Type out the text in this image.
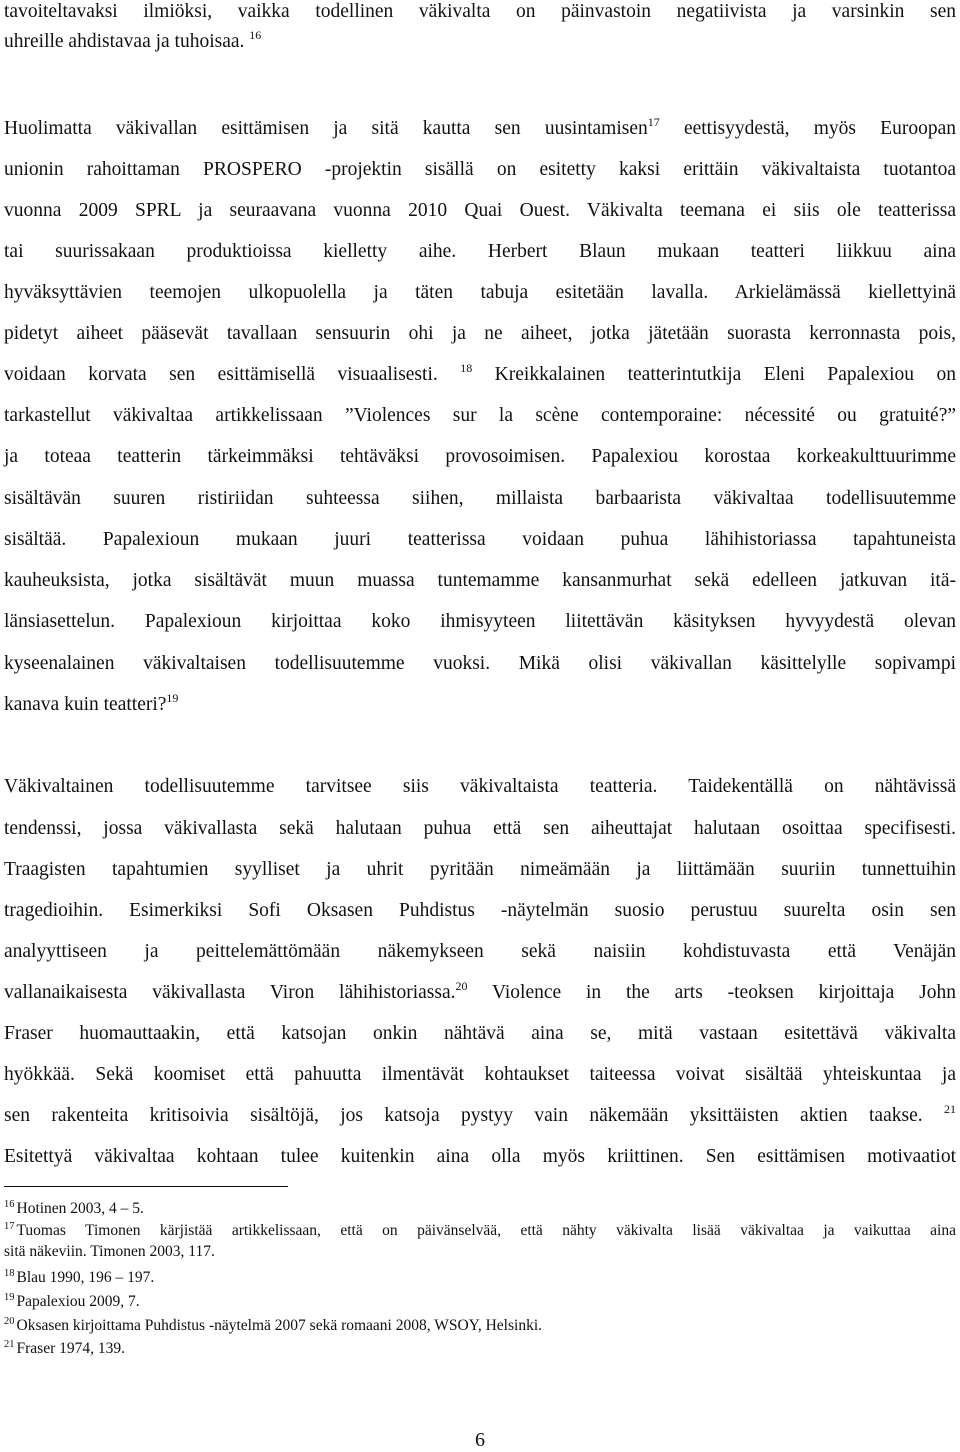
tavoiteltavaksi ilmiöksi, vaikka todellinen väkivalta on päinvastoin negatiivista ja varsinkin sen
uhreille ahdistavaa ja tuhoisaa. $^{16}$
Huolimatta väkivallan esittämisen ja sitä kautta sen uusintamisen$^{17}$ eettisyydestä, myös Euroopan
unionin rahoittaman PROSPERO -projektin sisällä on esitetty kaksi erittäin väkivaltaista tuotantoa
vuonna 2009 SPRL ja seuraavana vuonna 2010 Quai Ouest. Väkivalta teemana ei siis ole teatterissa
tai suurissakaan produktioissa kielletty aihe. Herbert Blaun mukaan teatteri liikkuu aina
hyväksyttävien teemojen ulkopuolella ja täten tabuja esitetään lavalla. Arkielämässä kiellettyinä
pidetyt aiheet pääsevät tavallaan sensuurin ohi ja ne aiheet, jotka jätetään suorasta kerronnasta pois,
voidaan korvata sen esittämisellä visuaalisesti. $^{18}$ Kreikkalainen teatterintutkija Eleni Papalexiou on
tarkastellut väkivaltaa artikkelissaan ”Violences sur la scène contemporaine: nécessité ou gratuité?”
ja toteaa teatterin tärkeimmäksi tehtäväksi provosoimisen. Papalexiou korostaa korkeakulttuurimme
sisältävän suuren ristiriidan suhteessa siihen, millaista barbaarista väkivaltaa todellisuutemme
sisältää. Papalexioun mukaan juuri teatterissa voidaan puhua lähihistoriassa tapahtuneista
kauheuksista, jotka sisältävät muun muassa tuntemamme kansanmurhat sekä edelleen jatkuvan itä-
länsiasettelun. Papalexioun kirjoittaa koko ihmisyyteen liitettävän käsityksen hyvyydestä olevan
kyseenalainen väkivaltaisen todellisuutemme vuoksi. Mikä olisi väkivallan käsittelylle sopivampi
kanava kuin teatteri?$^{19}$
Väkivaltainen todellisuutemme tarvitsee siis väkivaltaista teatteria. Taidekentällä on nähtävissä
tendenssi, jossa väkivallasta sekä halutaan puhua että sen aiheuttajat halutaan osoittaa specifisesti.
Traagisten tapahtumien syylliset ja uhrit pyritään nimeämään ja liittämään suuriin tunnettuihin
tragedioihin. Esimerkiksi Sofi Oksasen Puhdistus -näytelmän suosio perustuu suurelta osin sen
analyyttiseen ja peittelemättömään näkemykseen sekä naisiin kohdistuvasta että Venäjän
vallanaikaisesta väkivallasta Viron lähihistoriassa.$^{20}$ Violence in the arts -teoksen kirjoittaja John
Fraser huomauttaakin, että katsojan onkin nähtävä aina se, mitä vastaan esitettävä väkivalta
hyökkää. Sekä koomiset että pahuutta ilmentävät kohtaukset taiteessa voivat sisältää yhteiskuntaa ja
sen rakenteita kritisoivia sisältöjä, jos katsoja pystyy vain näkemään yksittäisten aktien taakse. $^{21}$
Esitettyä väkivaltaa kohtaan tulee kuitenkin aina olla myös kriittinen. Sen esittämisen motivaatiot
$^{16}$ Hotinen 2003, 4 – 5.
$^{17}$ Tuomas Timonen kärjistää artikkelissaan, että on päivänselvää, että nähty väkivalta lisää väkivaltaa ja vaikuttaa aina
sitä näkeviin. Timonen 2003, 117.
$^{18}$ Blau 1990, 196 – 197.
$^{19}$ Papalexiou 2009, 7.
$^{20}$ Oksasen kirjoittama Puhdistus -näytelmä 2007 sekä romaani 2008, WSOY, Helsinki.
$^{21}$ Fraser 1974, 139.
6
